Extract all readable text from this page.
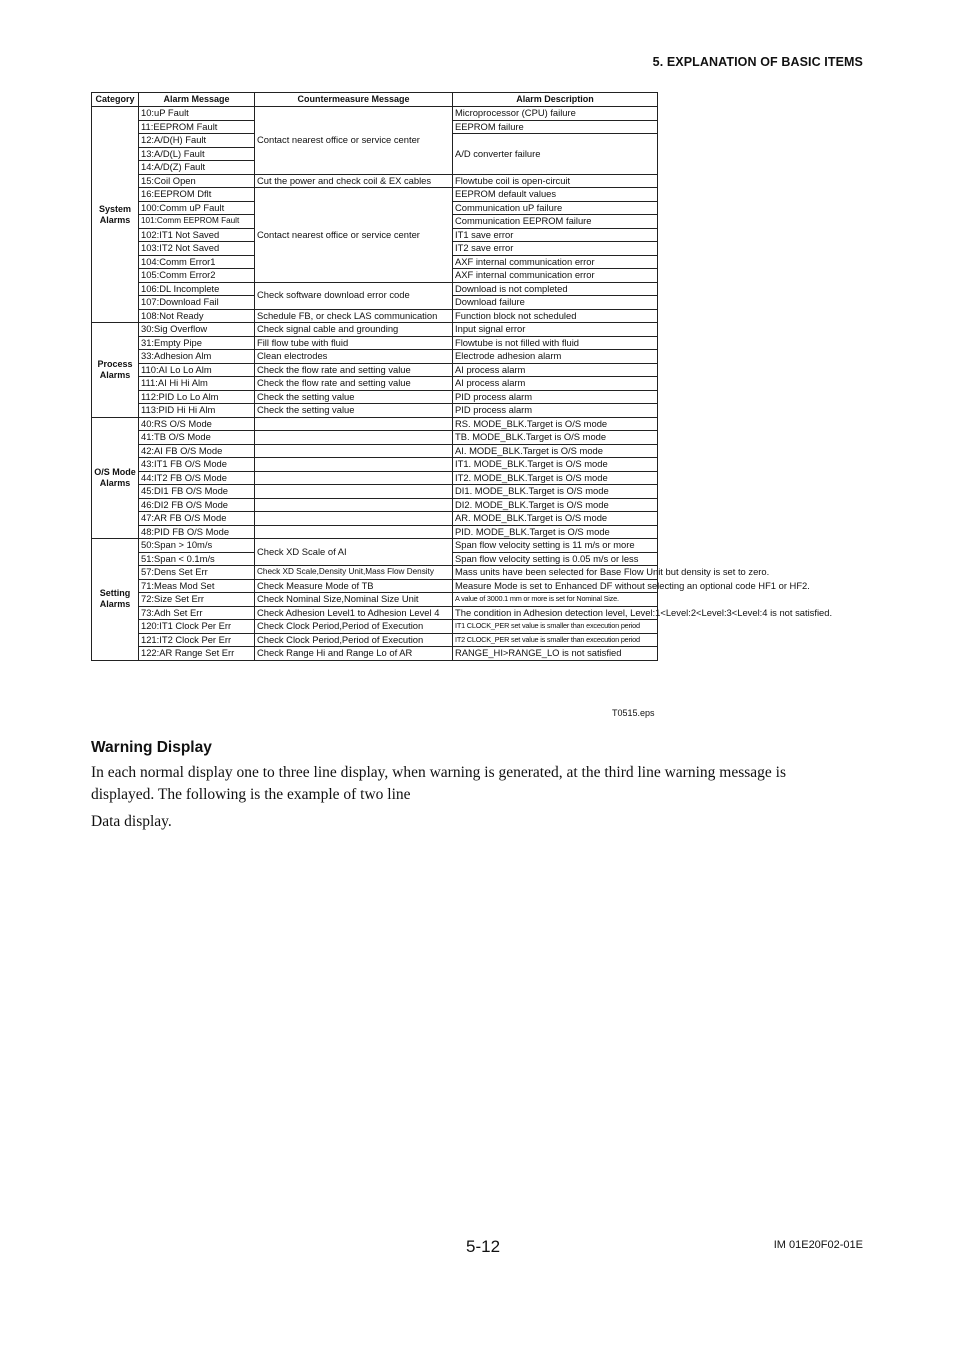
5. EXPLANATION OF BASIC ITEMS
Category	Alarm Message	Countermeasure Message	Alarm Description

System
Alarms	10:uP Fault	Contact nearest office or service center	Microprocessor (CPU) failure
	11:EEPROM Fault		EEPROM failure
	12:A/D(H) Fault		A/D converter failure
	13:A/D(L) Fault		
	14:A/D(Z) Fault		
	15:Coil Open	Cut the power and check coil & EX cables	Flowtube coil is open-circuit
	16:EEPROM Dflt	Contact nearest office or service center	EEPROM default values
	100:Comm uP Fault		Communication uP failure
	101:Comm EEPROM Fault		Communication EEPROM failure
	102:IT1 Not Saved		IT1 save error
	103:IT2 Not Saved		IT2 save error
	104:Comm Error1		AXF internal communication error
	105:Comm Error2		AXF internal communication error
	106:DL Incomplete	Check software download error code	Download is not completed
	107:Download Fail		Download failure
	108:Not Ready	Schedule FB, or check LAS communication	Function block not scheduled

Process
Alarms	30:Sig Overflow	Check signal cable and grounding	Input signal error
	31:Empty Pipe	Fill flow tube with fluid	Flowtube is not filled with fluid
	33:Adhesion Alm	Clean electrodes	Electrode adhesion alarm
	110:AI Lo Lo Alm	Check the flow rate and setting value	AI process alarm
	111:AI Hi Hi Alm	Check the flow rate and setting value	AI process alarm
	112:PID Lo Lo Alm	Check the setting value	PID process alarm
	113:PID Hi Hi Alm	Check the setting value	PID process alarm

O/S Mode
Alarms	40:RS O/S Mode		RS. MODE_BLK.Target is O/S mode
	41:TB O/S Mode		TB. MODE_BLK.Target is O/S mode
	42:AI FB O/S Mode		AI. MODE_BLK.Target is O/S mode
	43:IT1 FB O/S Mode		IT1. MODE_BLK.Target is O/S mode
	44:IT2 FB O/S Mode		IT2. MODE_BLK.Target is O/S mode
	45:DI1 FB O/S Mode		DI1. MODE_BLK.Target is O/S mode
	46:DI2 FB O/S Mode		DI2. MODE_BLK.Target is O/S mode
	47:AR FB O/S Mode		AR. MODE_BLK.Target is O/S mode
	48:PID FB O/S Mode		PID. MODE_BLK.Target is O/S mode

Setting
Alarms	50:Span > 10m/s	Check XD Scale of AI	Span flow velocity setting is 11 m/s or more
	51:Span < 0.1m/s		Span flow velocity setting is 0.05 m/s or less
	57:Dens Set Err	Check XD Scale,Density Unit,Mass Flow Density	Mass units have been selected for Base Flow Unit but density is set to zero.
	71:Meas Mod Set	Check Measure Mode of TB	Measure Mode is set to Enhanced DF without selecting an optional code HF1 or HF2.
	72:Size Set Err	Check Nominal Size,Nominal Size Unit	A value of 3000.1 mm or more is set for Nominal Size.
	73:Adh Set Err	Check Adhesion Level1 to Adhesion Level 4	The condition in Adhesion detection level, Level:1<Level:2<Level:3<Level:4 is not satisfied.
	120:IT1 Clock Per Err	Check Clock Period,Period of Execution	IT1 CLOCK_PER set value is smaller than excecution period
	121:IT2 Clock Per Err	Check Clock Period,Period of Execution	IT2 CLOCK_PER set value is smaller than excecution period
	122:AR Range Set Err	Check Range Hi and Range Lo of AR	RANGE_HI>RANGE_LO is not satisfied
T0515.eps
Warning Display
In each normal display one to three line display, when warning is generated, at the third line warning message is displayed. The following is the example of two line
Data display.
5-12	IM 01E20F02-01E
